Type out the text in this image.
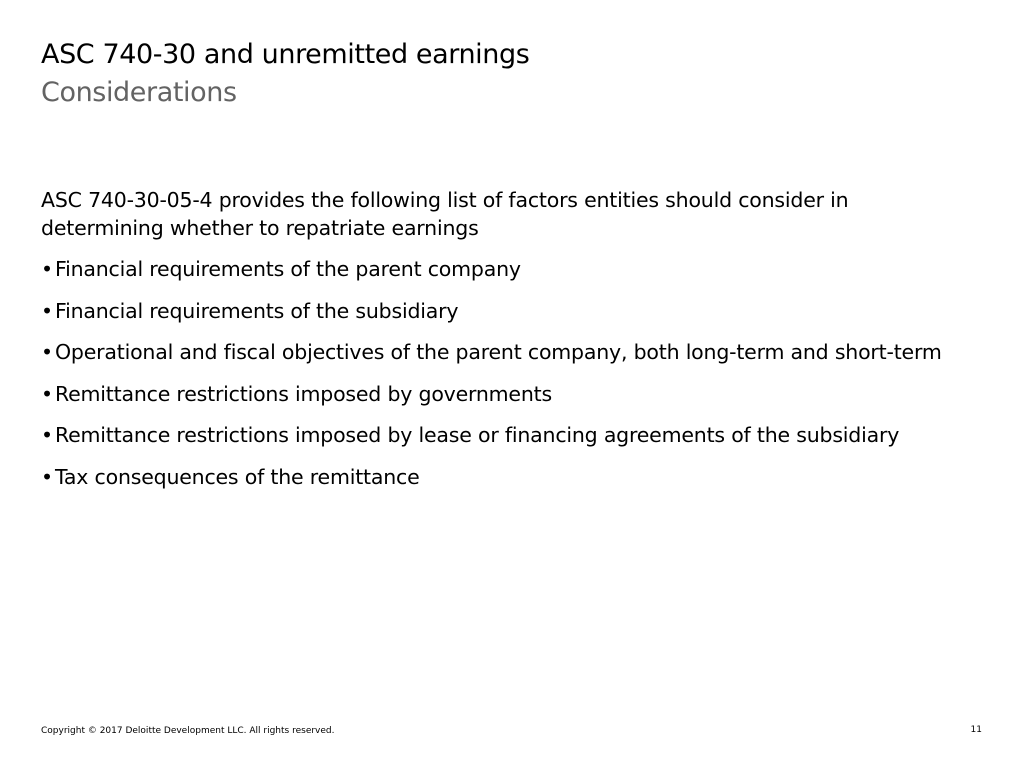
ASC 740-30 and unremitted earnings
Considerations

ASC 740-30-05-4 provides the following list of factors entities should consider in determining whether to repatriate earnings

• Financial requirements of the parent company
• Financial requirements of the subsidiary
• Operational and fiscal objectives of the parent company, both long-term and short-term
• Remittance restrictions imposed by governments
• Remittance restrictions imposed by lease or financing agreements of the subsidiary
• Tax consequences of the remittance
Copyright © 2017 Deloitte Development LLC. All rights reserved.	11
